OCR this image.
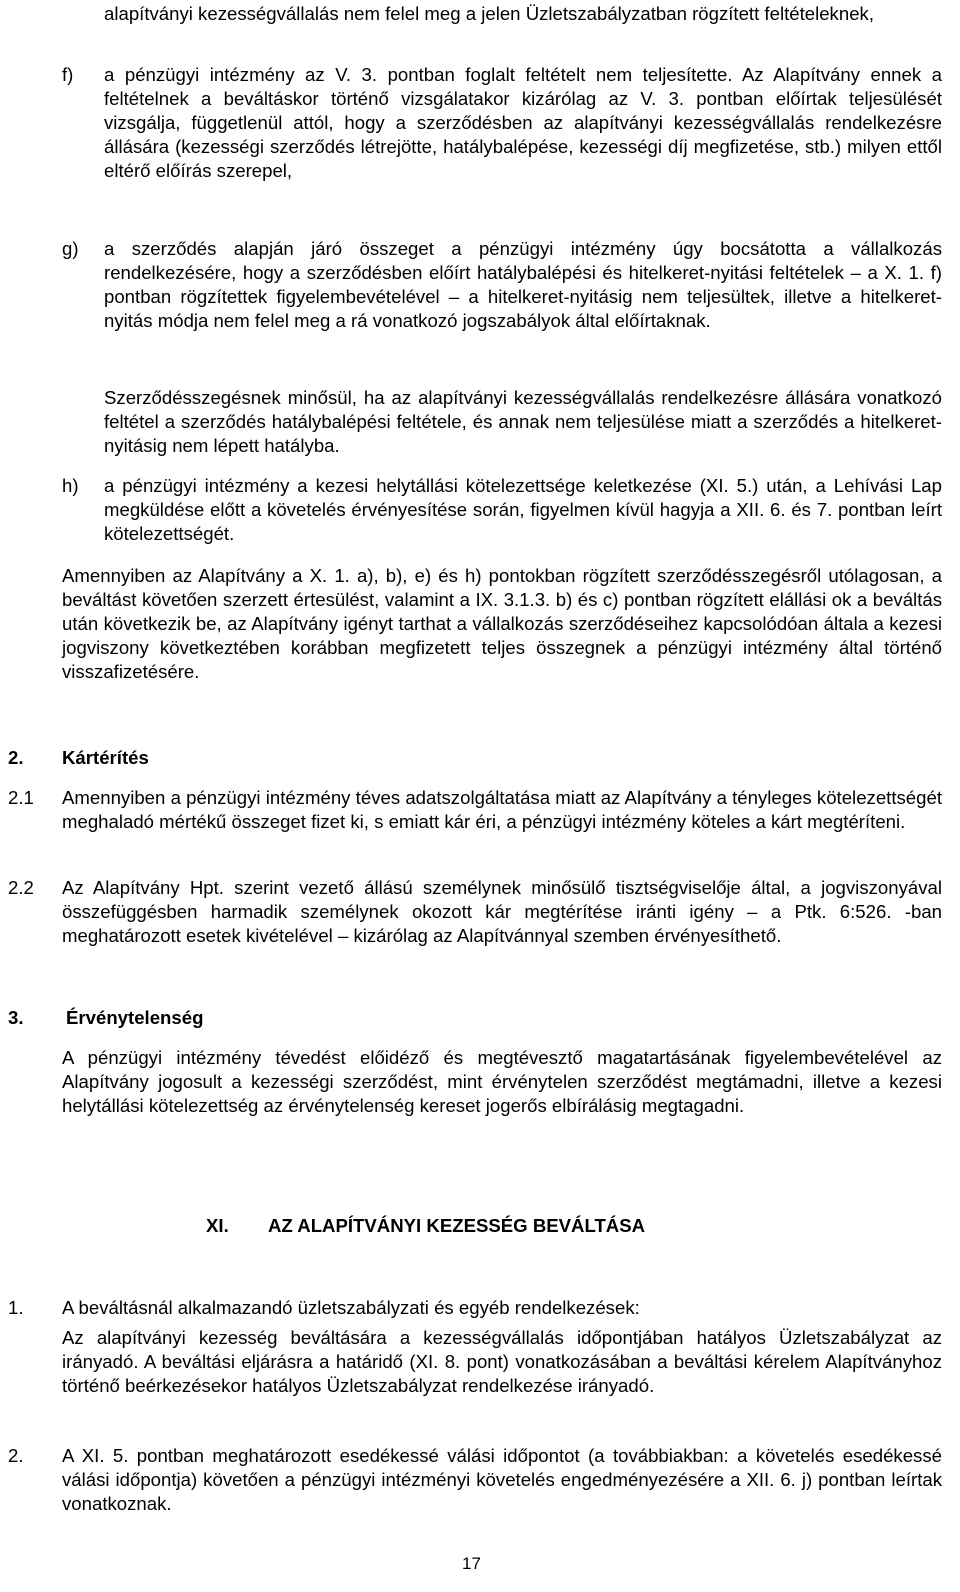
alapítványi kezességvállalás nem felel meg a jelen Üzletszabályzatban rögzített feltételeknek,
f) a pénzügyi intézmény az V. 3. pontban foglalt feltételt nem teljesítette. Az Alapítvány ennek a feltételnek a beváltáskor történő vizsgálatakor kizárólag az V. 3. pontban előírtak teljesülését vizsgálja, függetlenül attól, hogy a szerződésben az alapítványi kezességvállalás rendelkezésre állására (kezességi szerződés létrejötte, hatálybalépése, kezességi díj megfizetése, stb.) milyen ettől eltérő előírás szerepel,
g) a szerződés alapján járó összeget a pénzügyi intézmény úgy bocsátotta a vállalkozás rendelkezésére, hogy a szerződésben előírt hatálybalépési és hitelkeret-nyitási feltételek – a X. 1. f) pontban rögzítettek figyelembevételével – a hitelkeret-nyitásig nem teljesültek, illetve a hitelkeret-nyitás módja nem felel meg a rá vonatkozó jogszabályok által előírtaknak.
Szerződésszegésnek minősül, ha az alapítványi kezességvállalás rendelkezésre állására vonatkozó feltétel a szerződés hatálybalépési feltétele, és annak nem teljesülése miatt a szerződés a hitelkeret-nyitásig nem lépett hatályba.
h) a pénzügyi intézmény a kezesi helytállási kötelezettsége keletkezése (XI. 5.) után, a Lehívási Lap megküldése előtt a követelés érvényesítése során, figyelmen kívül hagyja a XII. 6. és 7. pontban leírt kötelezettségét.
Amennyiben az Alapítvány a X. 1. a), b), e) és h) pontokban rögzített szerződésszegésről utólagosan, a beváltást követően szerzett értesülést, valamint a IX. 3.1.3. b) és c) pontban rögzített elállási ok a beváltás után következik be, az Alapítvány igényt tarthat a vállalkozás szerződéseihez kapcsolódóan általa a kezesi jogviszony következtében korábban megfizetett teljes összegnek a pénzügyi intézmény által történő visszafizetésére.
2. Kártérítés
2.1 Amennyiben a pénzügyi intézmény téves adatszolgáltatása miatt az Alapítvány a tényleges kötelezettségét meghaladó mértékű összeget fizet ki, s emiatt kár éri, a pénzügyi intézmény köteles a kárt megtéríteni.
2.2 Az Alapítvány Hpt. szerint vezető állású személynek minősülő tisztségviselője által, a jogviszonyával összefüggésben harmadik személynek okozott kár megtérítése iránti igény – a Ptk. 6:526. -ban meghatározott esetek kivételével – kizárólag az Alapítvánnyal szemben érvényesíthető.
3. Érvénytelenség
A pénzügyi intézmény tévedést előidéző és megtévesztő magatartásának figyelembevételével az Alapítvány jogosult a kezességi szerződést, mint érvénytelen szerződést megtámadni, illetve a kezesi helytállási kötelezettség az érvénytelenség kereset jogerős elbírálásig megtagadni.
XI. AZ ALAPÍTVÁNYI KEZESSÉG BEVÁLTÁSA
1. A beváltásnál alkalmazandó üzletszabályzati és egyéb rendelkezések:
Az alapítványi kezesség beváltására a kezességvállalás időpontjában hatályos Üzletszabályzat az irányadó. A beváltási eljárásra a határidő (XI. 8. pont) vonatkozásában a beváltási kérelem Alapítványhoz történő beérkezésekor hatályos Üzletszabályzat rendelkezése irányadó.
2. A XI. 5. pontban meghatározott esedékessé válási időpontot (a továbbiakban: a követelés esedékessé válási időpontja) követően a pénzügyi intézményi követelés engedményezésére a XII. 6. j) pontban leírtak vonatkoznak.
17
